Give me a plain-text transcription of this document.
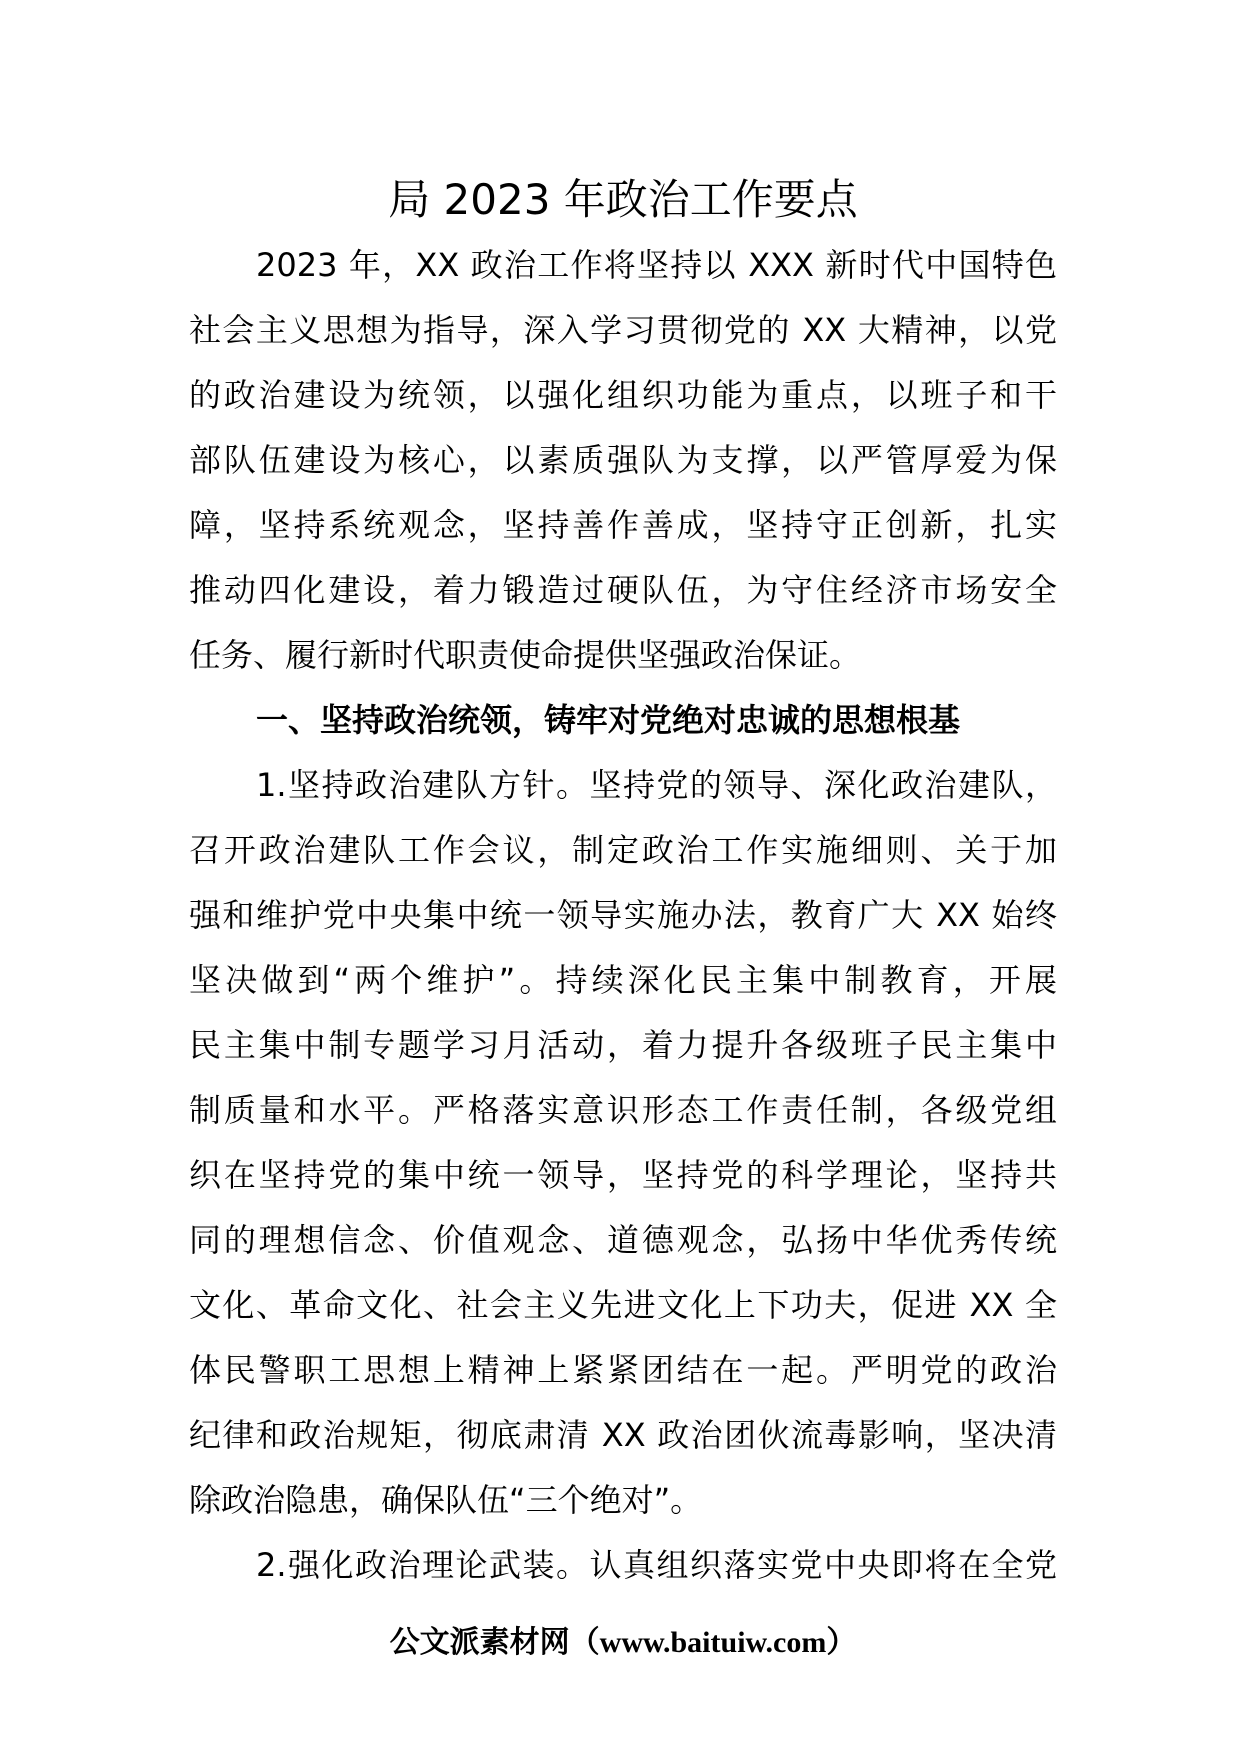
局 2023 年政治工作要点
2023 年，XX 政治工作将坚持以 XXX 新时代中国特色
社会主义思想为指导，深入学习贯彻党的 XX 大精神，以党
的政治建设为统领，以强化组织功能为重点，以班子和干
部队伍建设为核心，以素质强队为支撑，以严管厚爱为保
障，坚持系统观念，坚持善作善成，坚持守正创新，扎实
推动四化建设，着力锻造过硬队伍，为守住经济市场安全
任务、履行新时代职责使命提供坚强政治保证。
一、坚持政治统领，铸牢对党绝对忠诚的思想根基
1.坚持政治建队方针。坚持党的领导、深化政治建队，
召开政治建队工作会议，制定政治工作实施细则、关于加
强和维护党中央集中统一领导实施办法，教育广大 XX 始终
坚决做到“两个维护”。持续深化民主集中制教育，开展
民主集中制专题学习月活动，着力提升各级班子民主集中
制质量和水平。严格落实意识形态工作责任制，各级党组
织在坚持党的集中统一领导，坚持党的科学理论，坚持共
同的理想信念、价值观念、道德观念，弘扬中华优秀传统
文化、革命文化、社会主义先进文化上下功夫，促进 XX 全
体民警职工思想上精神上紧紧团结在一起。严明党的政治
纪律和政治规矩，彻底肃清 XX 政治团伙流毒影响，坚决清
除政治隐患，确保队伍“三个绝对”。
2.强化政治理论武装。认真组织落实党中央即将在全党
公文派素材网（www.baituiw.com）
